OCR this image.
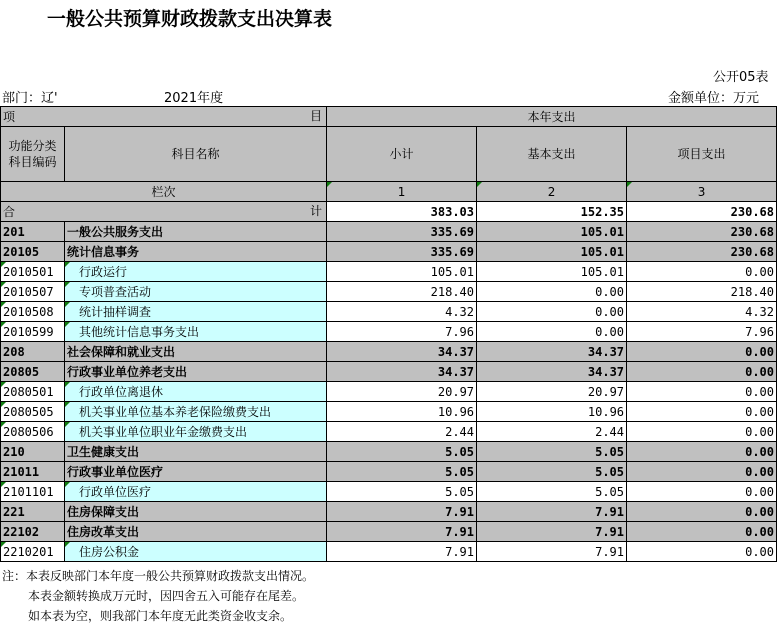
一般公共预算财政拨款支出决算表
公开05表
部门：辽'	2021年度	金额单位：万元
项 目		本年支出		
功能分类
科目编码	科目名称	小计	基本支出	项目支出
栏次		1	2	3
合 计		383.03	152.35	230.68
201	一般公共服务支出	335.69	105.01	230.68
20105	统计信息事务	335.69	105.01	230.68
2010501	行政运行	105.01	105.01	0.00
2010507	专项普查活动	218.40	0.00	218.40
2010508	统计抽样调查	4.32	0.00	4.32
2010599	其他统计信息事务支出	7.96	0.00	7.96
208	社会保障和就业支出	34.37	34.37	0.00
20805	行政事业单位养老支出	34.37	34.37	0.00
2080501	行政单位离退休	20.97	20.97	0.00
2080505	机关事业单位基本养老保险缴费支出	10.96	10.96	0.00
2080506	机关事业单位职业年金缴费支出	2.44	2.44	0.00
210	卫生健康支出	5.05	5.05	0.00
21011	行政事业单位医疗	5.05	5.05	0.00
2101101	行政单位医疗	5.05	5.05	0.00
221	住房保障支出	7.91	7.91	0.00
22102	住房改革支出	7.91	7.91	0.00
2210201	住房公积金	7.91	7.91	0.00
注：本表反映部门本年度一般公共预算财政拨款支出情况。
本表金额转换成万元时，因四舍五入可能存在尾差。
如本表为空，则我部门本年度无此类资金收支余。
